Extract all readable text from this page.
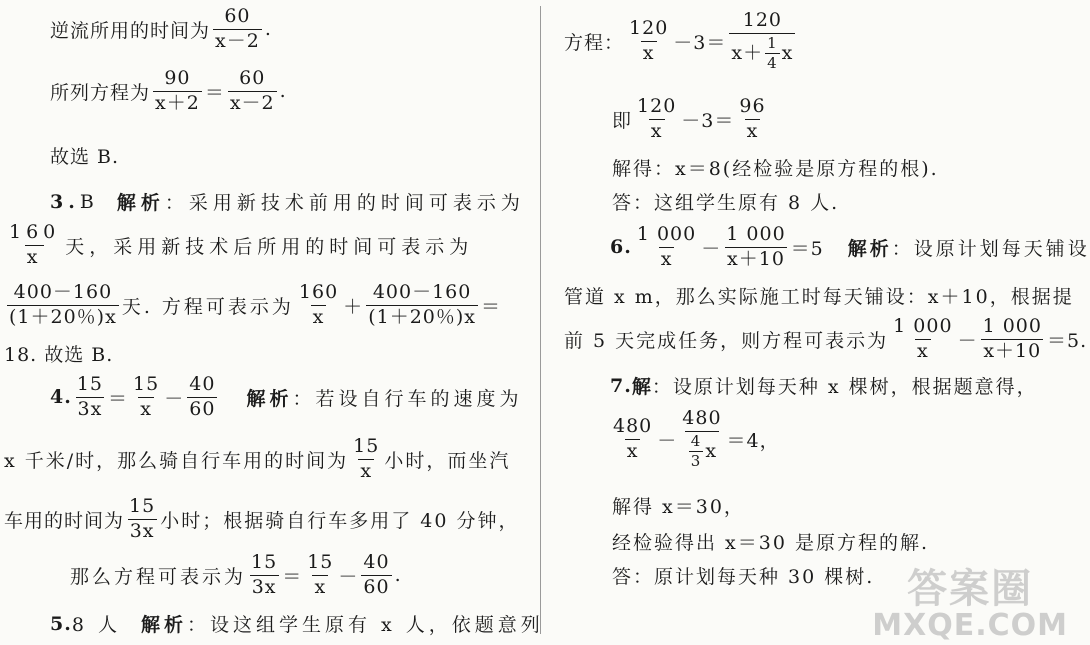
逆流所用的时间为 $\frac{60}{x-2}$ .
所列方程为 $\frac{90}{x+2} = \frac{60}{x-2}$ .
故选 B.
3. B 解析 ：采用新技术前用的时间可表示为
$\frac{160}{x}$ 天，采用新技术后所用的时间可表示为
$\frac{400-160}{(1+20\%)x}$ 天. 方程可表示为 $\frac{160}{x} + \frac{400-160}{(1+20\%)x}$ ＝
18. 故选 B.
4. $\frac{15}{3x} = \frac{15}{x} - \frac{40}{60}$ 解析 ：若设自行车的速度为
x 千米/时，那么骑自行车用的时间为 $\frac{15}{x}$ 小时，而坐汽
车用的时间为 $\frac{15}{3x}$ 小时；根据骑自行车多用了 40 分钟，
那么方程可表示为 $\frac{15}{3x} = \frac{15}{x} - \frac{40}{60}$ .
5. 8 人 解析 ：设这组学生原有 x 人，依题意列
方程： $\frac{120}{x} -3= \frac{120}{x+ \frac{1}{4} x}$
即 $\frac{120}{x} -3= \frac{96}{x}$
解得：x＝8(经检验是原方程的根).
答：这组学生原有 8 人.
6. $\frac{1 000}{x} - \frac{1 000}{x+10} =5$ 解析 ：设原计划每天铺设
管道 x m，那么实际施工时每天铺设：x＋10，根据提
前 5 天完成任务，则方程可表示为 $\frac{1 000}{x} - \frac{1 000}{x+10} =5$.
7. 解 ：设原计划每天种 x 棵树，根据题意得，
$\frac{480}{x} - \frac{480}{\frac{4}{3} x} =4$，
解得 x＝30，
经检验得出 x＝30 是原方程的解.
答：原计划每天种 30 棵树. 答案圈
MXQE.COM
